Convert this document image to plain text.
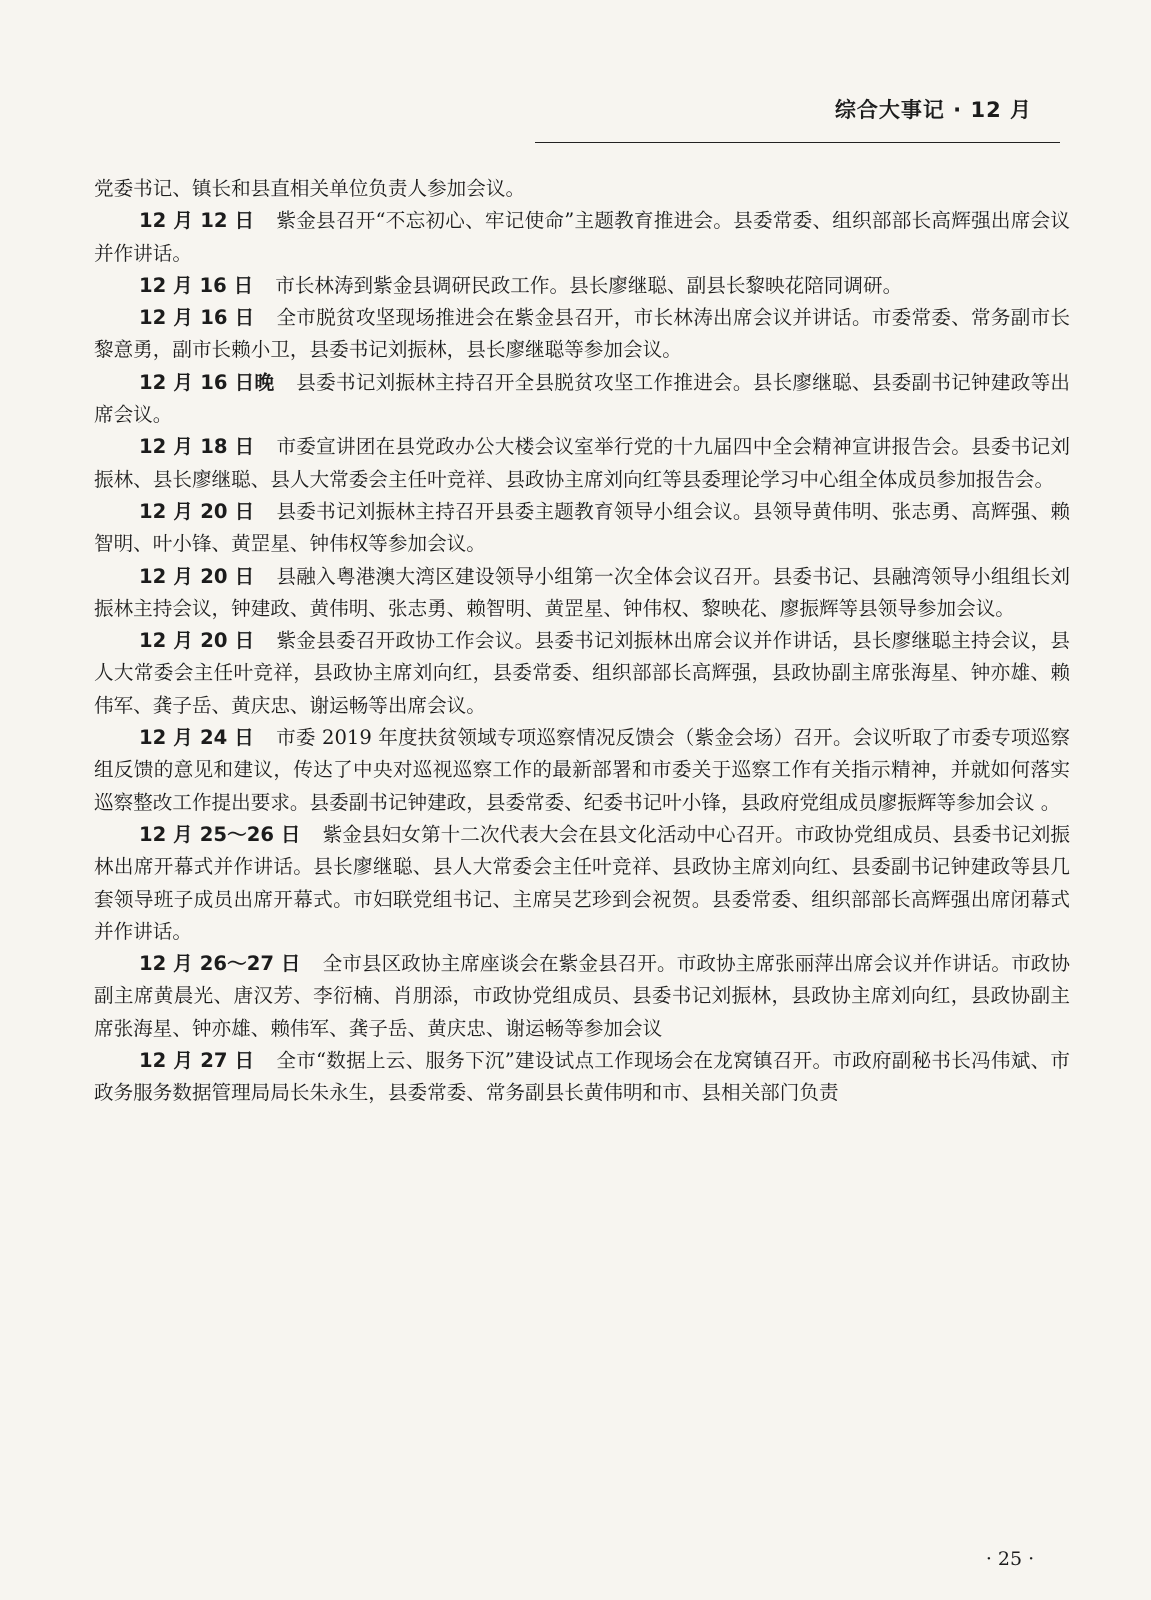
综合大事记 · 12 月

党委书记、镇长和县直相关单位负责人参加会议。

12 月 12 日 紫金县召开“不忘初心、牢记使命”主题教育推进会。县委常委、组织部部长高辉强出席会议并作讲话。

12 月 16 日 市长林涛到紫金县调研民政工作。县长廖继聪、副县长黎映花陪同调研。

12 月 16 日 全市脱贫攻坚现场推进会在紫金县召开，市长林涛出席会议并讲话。市委常委、常务副市长黎意勇，副市长赖小卫，县委书记刘振林，县长廖继聪等参加会议。

12 月 16 日晚 县委书记刘振林主持召开全县脱贫攻坚工作推进会。县长廖继聪、县委副书记钟建政等出席会议。

12 月 18 日 市委宣讲团在县党政办公大楼会议室举行党的十九届四中全会精神宣讲报告会。县委书记刘振林、县长廖继聪、县人大常委会主任叶竞祥、县政协主席刘向红等县委理论学习中心组全体成员参加报告会。

12 月 20 日 县委书记刘振林主持召开县委主题教育领导小组会议。县领导黄伟明、张志勇、高辉强、赖智明、叶小锋、黄罡星、钟伟权等参加会议。

12 月 20 日 县融入粤港澳大湾区建设领导小组第一次全体会议召开。县委书记、县融湾领导小组组长刘振林主持会议，钟建政、黄伟明、张志勇、赖智明、黄罡星、钟伟权、黎映花、廖振辉等县领导参加会议。

12 月 20 日 紫金县委召开政协工作会议。县委书记刘振林出席会议并作讲话，县长廖继聪主持会议，县人大常委会主任叶竞祥，县政协主席刘向红，县委常委、组织部部长高辉强，县政协副主席张海星、钟亦雄、赖伟军、龚子岳、黄庆忠、谢运畅等出席会议。

12 月 24 日 市委 2019 年度扶贫领域专项巡察情况反馈会（紫金会场）召开。会议听取了市委专项巡察组反馈的意见和建议，传达了中央对巡视巡察工作的最新部署和市委关于巡察工作有关指示精神，并就如何落实巡察整改工作提出要求。县委副书记钟建政，县委常委、纪委书记叶小锋，县政府党组成员廖振辉等参加会议 。

12 月 25～26 日 紫金县妇女第十二次代表大会在县文化活动中心召开。市政协党组成员、县委书记刘振林出席开幕式并作讲话。县长廖继聪、县人大常委会主任叶竞祥、县政协主席刘向红、县委副书记钟建政等县几套领导班子成员出席开幕式。市妇联党组书记、主席吴艺珍到会祝贺。县委常委、组织部部长高辉强出席闭幕式并作讲话。

12 月 26～27 日 全市县区政协主席座谈会在紫金县召开。市政协主席张丽萍出席会议并作讲话。市政协副主席黄晨光、唐汉芳、李衍楠、肖朋添，市政协党组成员、县委书记刘振林，县政协主席刘向红，县政协副主席张海星、钟亦雄、赖伟军、龚子岳、黄庆忠、谢运畅等参加会议

12 月 27 日 全市“数据上云、服务下沉”建设试点工作现场会在龙窝镇召开。市政府副秘书长冯伟斌、市政务服务数据管理局局长朱永生，县委常委、常务副县长黄伟明和市、县相关部门负责

· 25 ·
